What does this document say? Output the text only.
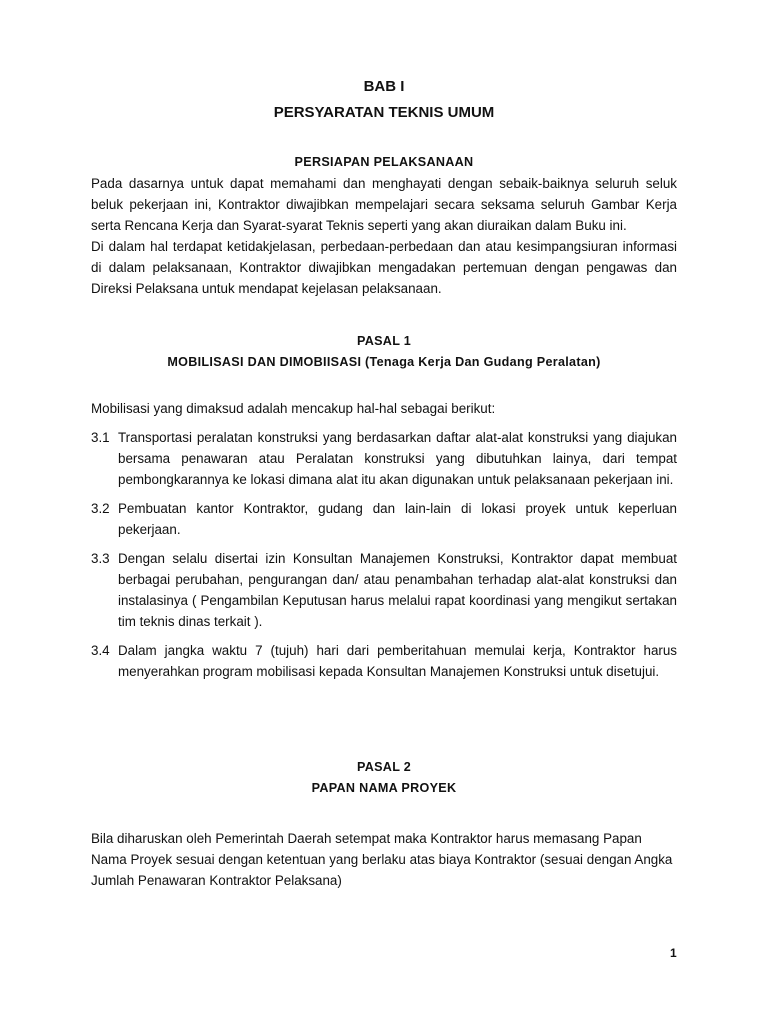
BAB I
PERSYARATAN TEKNIS UMUM
PERSIAPAN PELAKSANAAN
Pada dasarnya untuk dapat memahami dan menghayati dengan sebaik-baiknya seluruh seluk beluk pekerjaan ini, Kontraktor diwajibkan mempelajari secara seksama seluruh Gambar Kerja serta Rencana Kerja dan Syarat-syarat Teknis seperti yang akan diuraikan dalam Buku ini.
Di dalam hal terdapat ketidakjelasan, perbedaan-perbedaan dan atau kesimpangsiuran informasi di dalam pelaksanaan, Kontraktor diwajibkan mengadakan pertemuan dengan pengawas dan Direksi Pelaksana untuk mendapat kejelasan pelaksanaan.
PASAL 1
MOBILISASI DAN DIMOBIISASI (Tenaga Kerja Dan Gudang Peralatan)
Mobilisasi yang dimaksud adalah mencakup hal-hal sebagai berikut:
3.1 Transportasi peralatan konstruksi yang berdasarkan daftar alat-alat konstruksi yang diajukan bersama penawaran atau Peralatan konstruksi yang dibutuhkan lainya, dari tempat pembongkarannya ke lokasi dimana alat itu akan digunakan untuk pelaksanaan pekerjaan ini.
3.2 Pembuatan kantor Kontraktor, gudang dan lain-lain di lokasi proyek untuk keperluan pekerjaan.
3.3 Dengan selalu disertai izin Konsultan Manajemen Konstruksi, Kontraktor dapat membuat berbagai perubahan, pengurangan dan/ atau penambahan terhadap alat-alat konstruksi dan instalasinya ( Pengambilan Keputusan harus melalui rapat koordinasi yang mengikut sertakan tim teknis dinas terkait ).
3.4 Dalam jangka waktu 7 (tujuh) hari dari pemberitahuan memulai kerja, Kontraktor harus menyerahkan program mobilisasi kepada Konsultan Manajemen Konstruksi untuk disetujui.
PASAL 2
PAPAN NAMA PROYEK
Bila diharuskan oleh Pemerintah Daerah setempat maka Kontraktor harus memasang Papan Nama Proyek sesuai dengan ketentuan yang berlaku atas biaya Kontraktor (sesuai dengan Angka Jumlah Penawaran Kontraktor Pelaksana)
1
